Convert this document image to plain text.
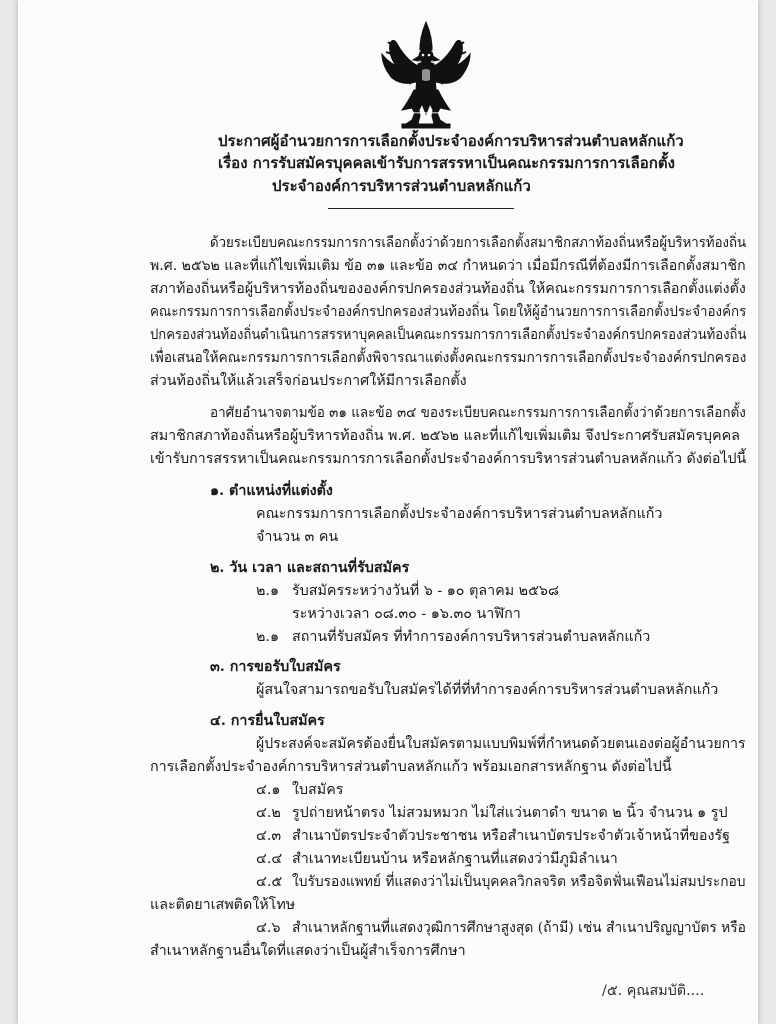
ประกาศผู้อำนวยการการเลือกตั้งประจำองค์การบริหารส่วนตำบลหลักแก้ว
เรื่อง การรับสมัครบุคคลเข้ารับการสรรหาเป็นคณะกรรมการการเลือกตั้ง
ประจำองค์การบริหารส่วนตำบลหลักแก้ว
ด้วยระเบียบคณะกรรมการการเลือกตั้งว่าด้วยการเลือกตั้งสมาชิกสภาท้องถิ่นหรือผู้บริหารท้องถิ่น
พ.ศ. ๒๕๖๒ และที่แก้ไขเพิ่มเติม ข้อ ๓๑ และข้อ ๓๔ กำหนดว่า เมื่อมีกรณีที่ต้องมีการเลือกตั้งสมาชิก
สภาท้องถิ่นหรือผู้บริหารท้องถิ่นขององค์กรปกครองส่วนท้องถิ่น ให้คณะกรรมการการเลือกตั้งแต่งตั้ง
คณะกรรมการการเลือกตั้งประจำองค์กรปกครองส่วนท้องถิ่น โดยให้ผู้อำนวยการการเลือกตั้งประจำองค์กร
ปกครองส่วนท้องถิ่นดำเนินการสรรหาบุคคลเป็นคณะกรรมการการเลือกตั้งประจำองค์กรปกครองส่วนท้องถิ่น
เพื่อเสนอให้คณะกรรมการการเลือกตั้งพิจารณาแต่งตั้งคณะกรรมการการเลือกตั้งประจำองค์กรปกครอง
ส่วนท้องถิ่นให้แล้วเสร็จก่อนประกาศให้มีการเลือกตั้ง
อาศัยอำนาจตามข้อ ๓๑ และข้อ ๓๔ ของระเบียบคณะกรรมการการเลือกตั้งว่าด้วยการเลือกตั้ง
สมาชิกสภาท้องถิ่นหรือผู้บริหารท้องถิ่น พ.ศ. ๒๕๖๒ และที่แก้ไขเพิ่มเติม จึงประกาศรับสมัครบุคคล
เข้ารับการสรรหาเป็นคณะกรรมการการเลือกตั้งประจำองค์การบริหารส่วนตำบลหลักแก้ว ดังต่อไปนี้
๑. ตำแหน่งที่แต่งตั้ง
คณะกรรมการการเลือกตั้งประจำองค์การบริหารส่วนตำบลหลักแก้ว
จำนวน ๓ คน
๒. วัน เวลา และสถานที่รับสมัคร
๒.๑ รับสมัครระหว่างวันที่ ๖ - ๑๐ ตุลาคม ๒๕๖๘
ระหว่างเวลา ๐๘.๓๐ - ๑๖.๓๐ นาฬิกา
๒.๑ สถานที่รับสมัคร ที่ทำการองค์การบริหารส่วนตำบลหลักแก้ว
๓. การขอรับใบสมัคร
ผู้สนใจสามารถขอรับใบสมัครได้ที่ที่ทำการองค์การบริหารส่วนตำบลหลักแก้ว
๔. การยื่นใบสมัคร
ผู้ประสงค์จะสมัครต้องยื่นใบสมัครตามแบบพิมพ์ที่กำหนดด้วยตนเองต่อผู้อำนวยการ
การเลือกตั้งประจำองค์การบริหารส่วนตำบลหลักแก้ว พร้อมเอกสารหลักฐาน ดังต่อไปนี้
๔.๑ ใบสมัคร
๔.๒ รูปถ่ายหน้าตรง ไม่สวมหมวก ไม่ใส่แว่นตาดำ ขนาด ๒ นิ้ว จำนวน ๑ รูป
๔.๓ สำเนาบัตรประจำตัวประชาชน หรือสำเนาบัตรประจำตัวเจ้าหน้าที่ของรัฐ
๔.๔ สำเนาทะเบียนบ้าน หรือหลักฐานที่แสดงว่ามีภูมิลำเนา
๔.๕ ใบรับรองแพทย์ ที่แสดงว่าไม่เป็นบุคคลวิกลจริต หรือจิตฟั่นเฟือนไม่สมประกอบ
และติดยาเสพติดให้โทษ
๔.๖ สำเนาหลักฐานที่แสดงวุฒิการศึกษาสูงสุด (ถ้ามี) เช่น สำเนาปริญญาบัตร หรือ
สำเนาหลักฐานอื่นใดที่แสดงว่าเป็นผู้สำเร็จการศึกษา
/๕. คุณสมบัติ....
